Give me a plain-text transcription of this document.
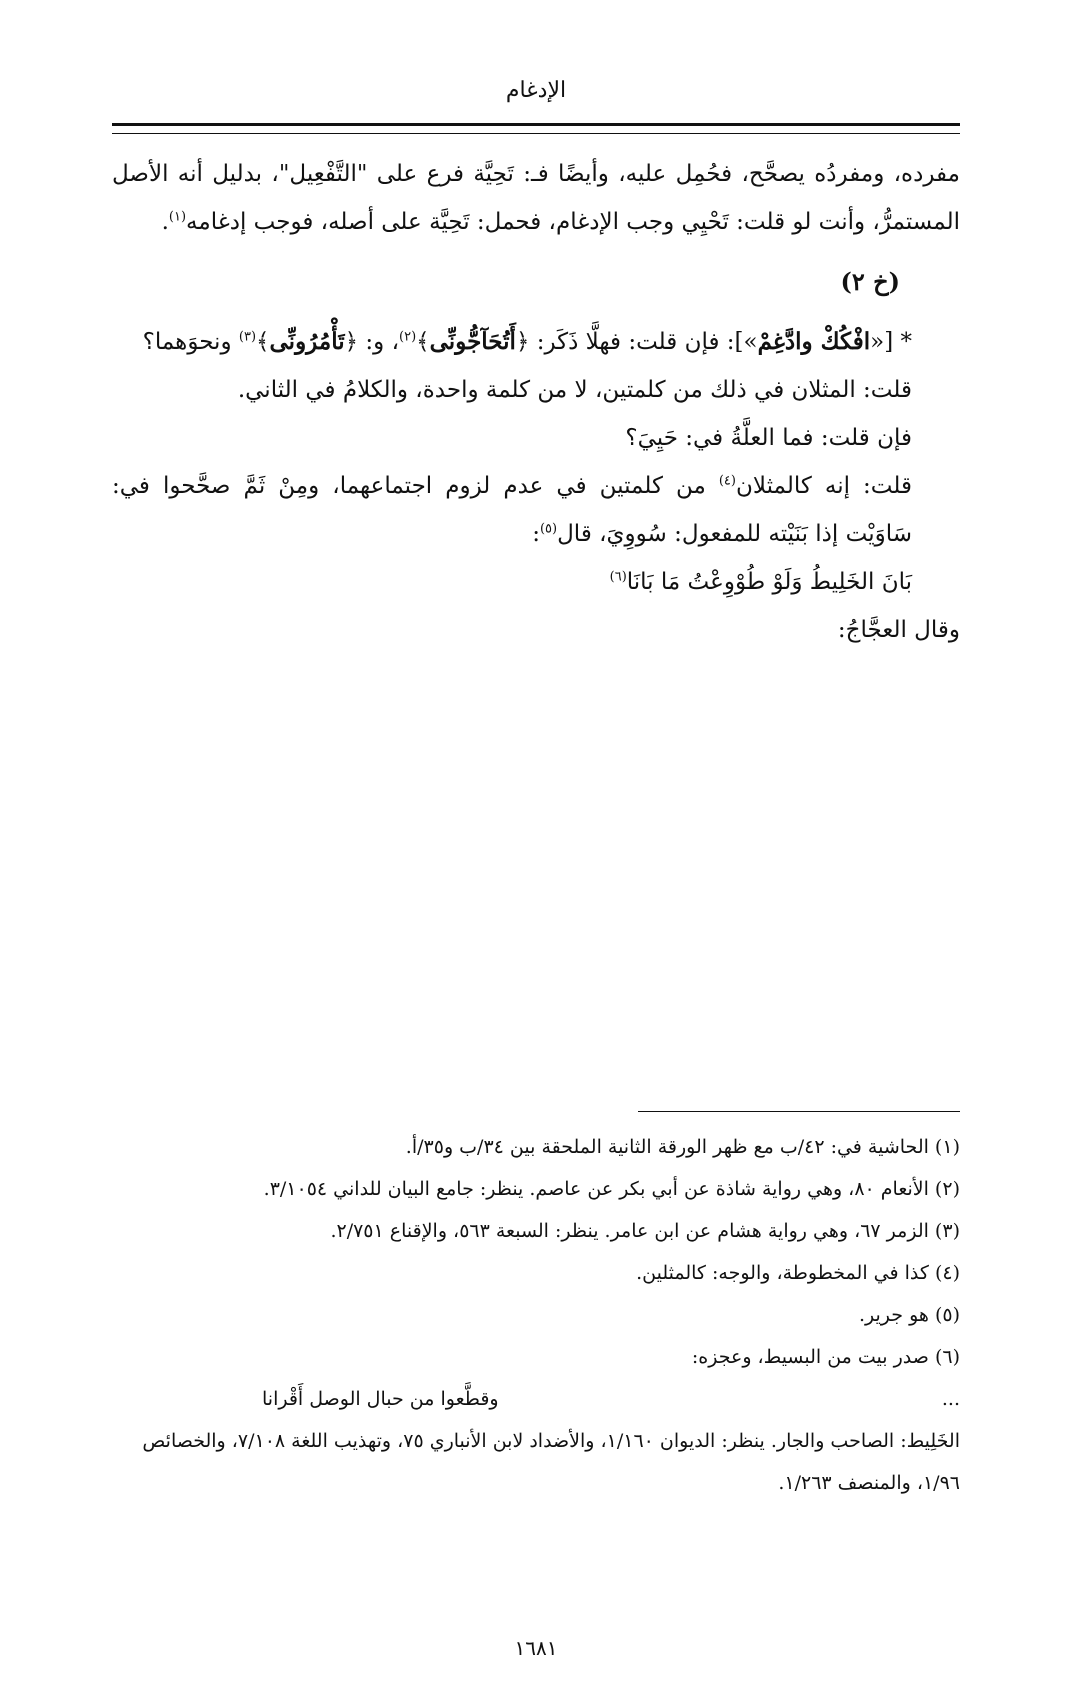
الإدغام

مفرده، ومفردُه يصحَّح، فحُمِل عليه، وأيضًا فـ: تَحِيَّة فرع على "التَّفْعِيل"، بدليل أنه الأصل المستمرُّ، وأنت لو قلت: تَحْيِي وجب الإدغام، فحمل: تَحِيَّة على أصله، فوجب إدغامه$^{(١)}$.

(خ ٢)

* [«افْكُكْ وادَّغِمْ»]: فإن قلت: فهلَّا ذَكَر: ﴿أَتُحَآجُّونِّى﴾$^{(٢)}$، و: ﴿تَأْمُرُونِّى﴾$^{(٣)}$ ونحوَهما؟

قلت: المثلان في ذلك من كلمتين، لا من كلمة واحدة، والكلامُ في الثاني.

فإن قلت: فما العلَّةُ في: حَيِيَ؟

قلت: إنه كالمثلان$^{(٤)}$ من كلمتين في عدم لزوم اجتماعهما، ومِنْ ثَمَّ صحَّحوا في: سَاوَيْت إذا بَنَيْته للمفعول: سُووِيَ، قال$^{(٥)}$:

بَانَ الخَلِيطُ وَلَوْ طُوْوِعْتُ مَا بَانَا$^{(٦)}$

وقال العجَّاجُ:

(١) الحاشية في: ٤٢/ب مع ظهر الورقة الثانية الملحقة بين ٣٤/ب و٣٥/أ.

(٢) الأنعام ٨٠، وهي رواية شاذة عن أبي بكر عن عاصم. ينظر: جامع البيان للداني ٣/١٠٥٤.

(٣) الزمر ٦٧، وهي رواية هشام عن ابن عامر. ينظر: السبعة ٥٦٣، والإقناع ٢/٧٥١.

(٤) كذا في المخطوطة، والوجه: كالمثلين.

(٥) هو جرير.

(٦) صدر بيت من البسيط، وعجزه:

...
وقطَّعوا من حبال الوصل أَقْرانا

الخَلِيط: الصاحب والجار. ينظر: الديوان ١/١٦٠، والأضداد لابن الأنباري ٧٥، وتهذيب اللغة ٧/١٠٨، والخصائص ١/٩٦، والمنصف ١/٢٦٣.

١٦٨١
